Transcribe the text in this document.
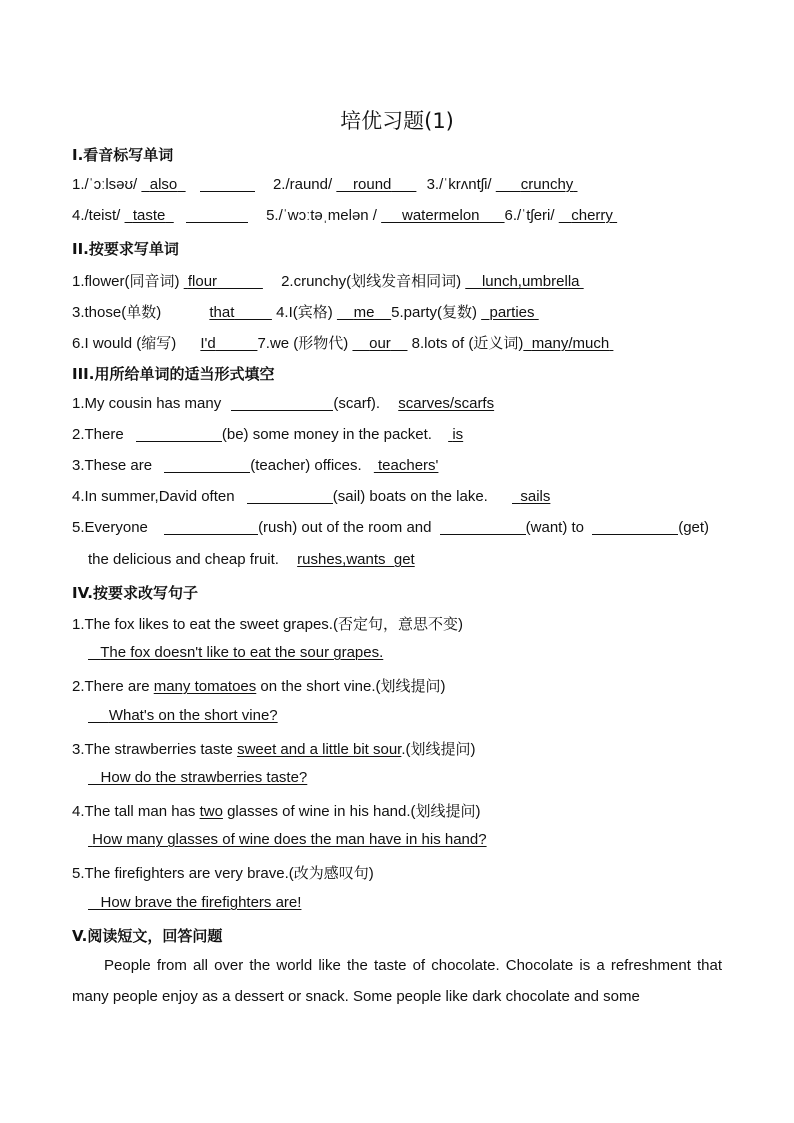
培优习题(1)
I.看音标写单词
1./ˈɔːlsəʊ/ also	2./raund/ round 3./ˈkrʌntʃi/ crunchy
4./teist/ taste	5./ˈwɔːtəˌmelən / watermelon 6./ˈtʃeri/ cherry
II.按要求写单词
1.flower(同音词) flour	2.crunchy(划线发音相同词) lunch,umbrella
3.those(单数)	that	4.I(宾格) me 5.party(复数) parties
6.I would (缩写) I'd	7.we (形物代) our 8.lots of (近义词) many/much
III.用所给单词的适当形式填空
1.My cousin has many	(scarf). scarves/scarfs
2.There	(be) some money in the packet. is
3.These are	(teacher) offices. teachers'
4.In summer,David often	(sail) boats on the lake. sails
5.Everyone	(rush) out of the room and	(want) to	(get)
the delicious and cheap fruit. rushes,wants  get
IV.按要求改写句子
1.The fox likes to eat the sweet grapes.(否定句，意思不变)
The fox doesn't like to eat the sour grapes.
2.There are many tomatoes on the short vine.(划线提问)
What's on the short vine?
3.The strawberries taste sweet and a little bit sour.(划线提问)
How do the strawberries taste?
4.The tall man has two glasses of wine in his hand.(划线提问)
How many glasses of wine does the man have in his hand?
5.The firefighters are very brave.(改为感叹句)
How brave the firefighters are!
V.阅读短文，回答问题
People from all over the world like the taste of chocolate. Chocolate is a refreshment that many people enjoy as a dessert or snack. Some people like dark chocolate and some
